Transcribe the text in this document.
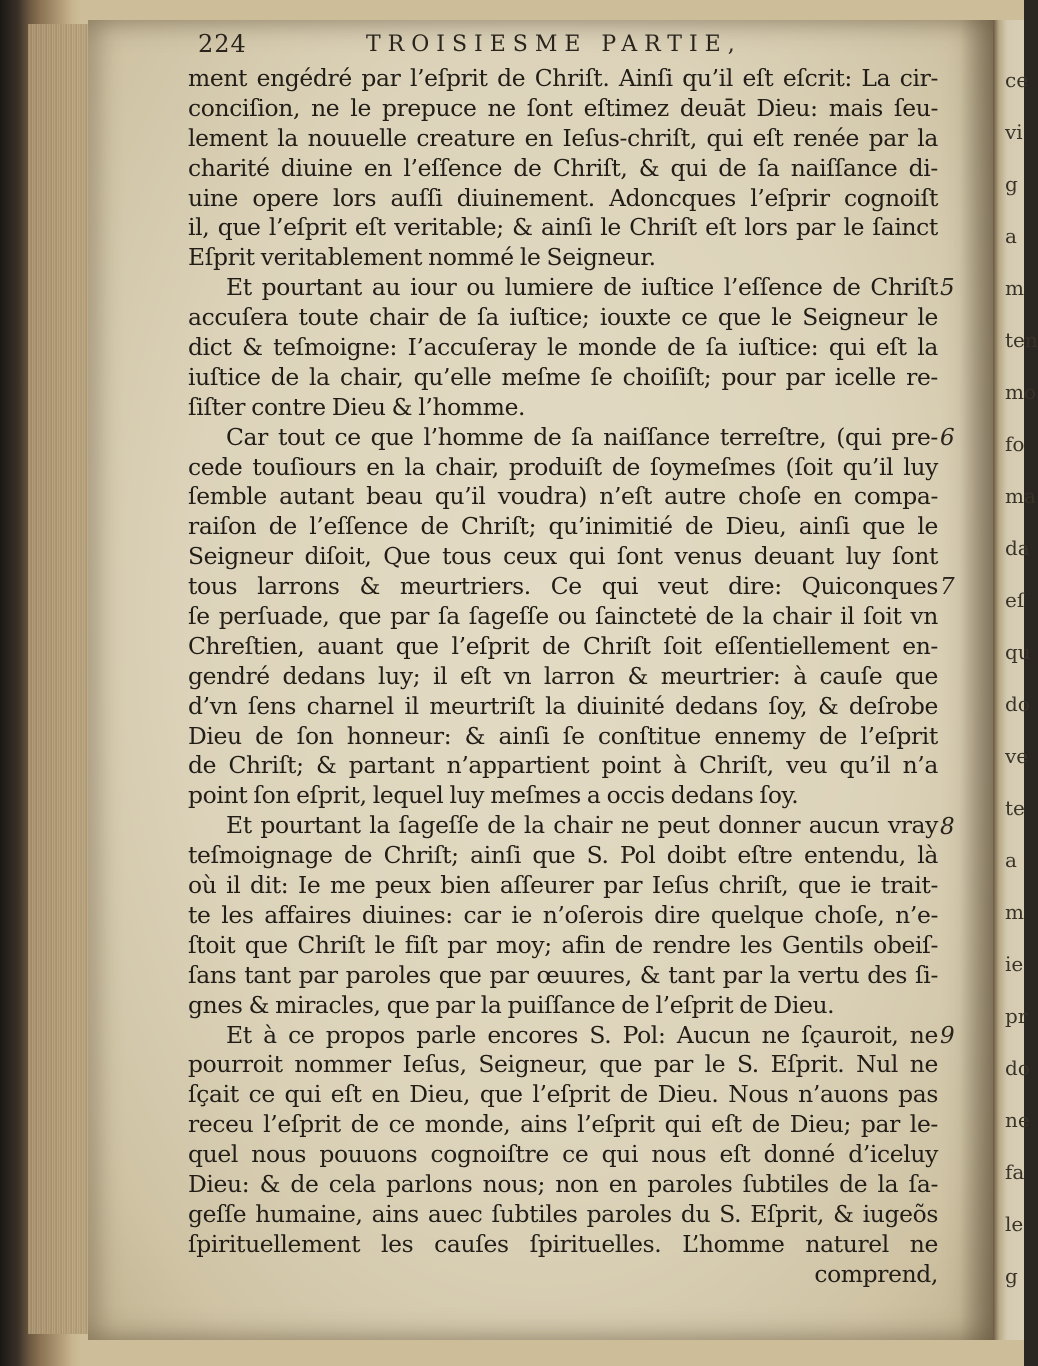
ce
vi
g
a
m
ten
mo
fo
ma
da
eſ
qu
do
ve
te
a
m
ie
pr
do
ne
fa
le
g
224	TROISIESME PARTIE,
ment engédré par l’eſprit de Chriſt. Ainſi qu’il eſt eſcrit: La cir-
conciſion, ne le prepuce ne ſont eſtimez deuāt Dieu: mais ſeu-
lement la nouuelle creature en Ieſus-chriſt, qui eſt renée par la
charité diuine en l’eſſence de Chriſt, & qui de ſa naiſſance di-
uine opere lors auſſi diuinement. Adoncques l’eſprir cognoiſt
il, que l’eſprit eſt veritable; & ainſi le Chriſt eſt lors par le ſainct
Eſprit veritablement nommé le Seigneur.
Et pourtant au iour ou lumiere de iuſtice l’eſſence de Chriſt
accuſera toute chair de ſa iuſtice; iouxte ce que le Seigneur le
dict & teſmoigne: I’accuſeray le monde de ſa iuſtice: qui eſt la
iuſtice de la chair, qu’elle meſme ſe choiſiſt; pour par icelle re-
ſiſter contre Dieu & l’homme.
Car tout ce que l’homme de ſa naiſſance terreſtre, (qui pre-
cede touſiours en la chair, produiſt de ſoymeſmes (ſoit qu’il luy
ſemble autant beau qu’il voudra) n’eſt autre choſe en compa-
raiſon de l’eſſence de Chriſt; qu’inimitié de Dieu, ainſi que le
Seigneur diſoit, Que tous ceux qui ſont venus deuant luy ſont
tous larrons & meurtriers. Ce qui veut dire: Quiconques
ſe perſuade, que par ſa ſageſſe ou ſainctetė de la chair il ſoit vn
Chreſtien, auant que l’eſprit de Chriſt ſoit eſſentiellement en-
gendré dedans luy; il eſt vn larron & meurtrier: à cauſe que
d’vn ſens charnel il meurtriſt la diuinité dedans ſoy, & deſrobe
Dieu de ſon honneur: & ainſi ſe conſtitue ennemy de l’eſprit
de Chriſt; & partant n’appartient point à Chriſt, veu qu’il n’a
point ſon eſprit, lequel luy meſmes a occis dedans ſoy.
Et pourtant la ſageſſe de la chair ne peut donner aucun vray
teſmoignage de Chriſt; ainſi que S. Pol doibt eſtre entendu, là
où il dit: Ie me peux bien aſſeurer par Ieſus chriſt, que ie trait-
te les affaires diuines: car ie n’oſerois dire quelque choſe, n’e-
ſtoit que Chriſt le fiſt par moy; afin de rendre les Gentils obeiſ-
ſans tant par paroles que par œuures, & tant par la vertu des ſi-
gnes & miracles, que par la puiſſance de l’eſprit de Dieu.
Et à ce propos parle encores S. Pol: Aucun ne ſçauroit, ne
pourroit nommer Ieſus, Seigneur, que par le S. Eſprit. Nul ne
ſçait ce qui eſt en Dieu, que l’eſprit de Dieu. Nous n’auons pas
receu l’eſprit de ce monde, ains l’eſprit qui eſt de Dieu; par le-
quel nous pouuons cognoiſtre ce qui nous eſt donné d’iceluy
Dieu: & de cela parlons nous; non en paroles ſubtiles de la ſa-
geſſe humaine, ains auec ſubtiles paroles du S. Eſprit, & iugeõs
ſpirituellement les cauſes ſpirituelles. L’homme naturel ne
comprend,
5
6
7
8
9
